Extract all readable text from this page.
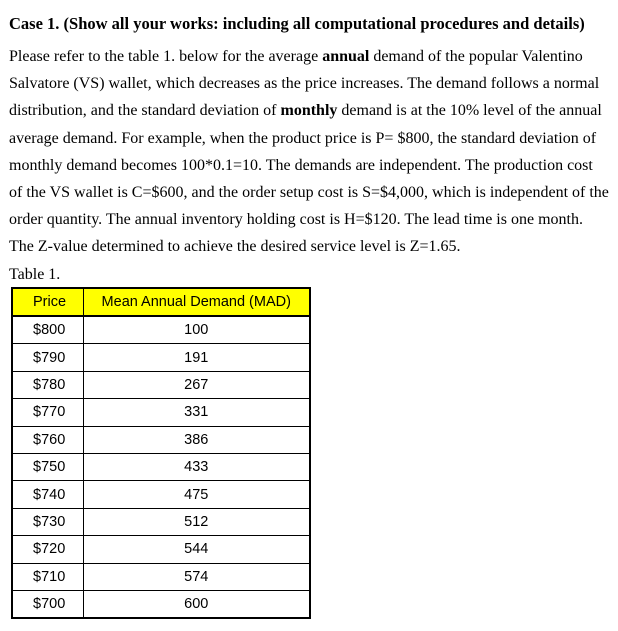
Case 1. (Show all your works: including all computational procedures and details)
Please refer to the table 1. below for the average annual demand of the popular Valentino
Salvatore (VS) wallet, which decreases as the price increases. The demand follows a normal
distribution, and the standard deviation of monthly demand is at the 10% level of the annual
average demand. For example, when the product price is P= $800, the standard deviation of
monthly demand becomes 100*0.1=10. The demands are independent. The production cost
of the VS wallet is C=$600, and the order setup cost is S=$4,000, which is independent of the
order quantity. The annual inventory holding cost is H=$120. The lead time is one month.
The Z-value determined to achieve the desired service level is Z=1.65.
Table 1.
Price	Mean Annual Demand (MAD)
$800	100
$790	191
$780	267
$770	331
$760	386
$750	433
$740	475
$730	512
$720	544
$710	574
$700	600
